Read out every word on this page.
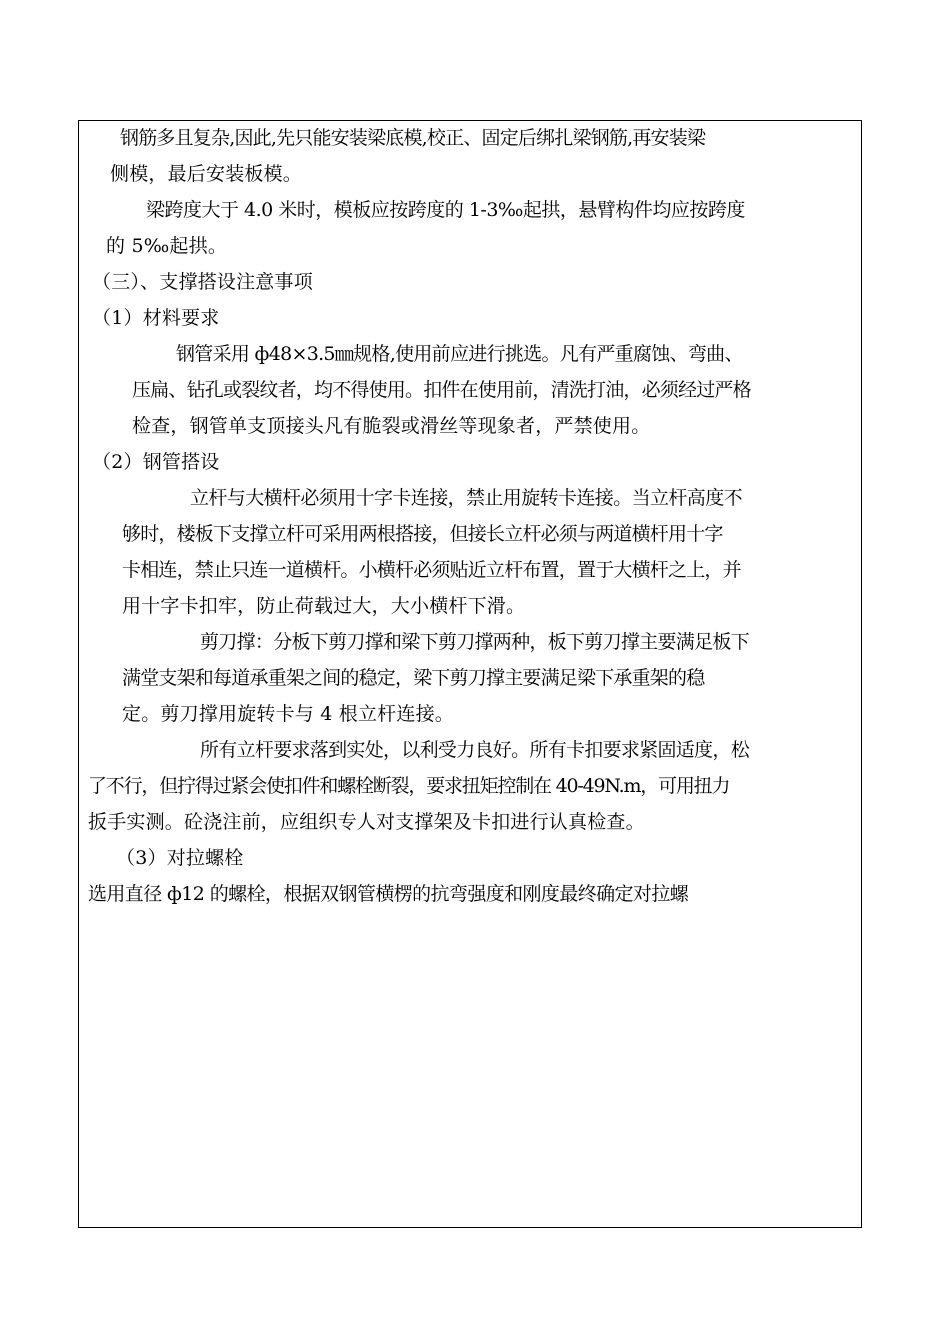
钢筋多且复杂,因此,先只能安装梁底模,校正、固定后绑扎梁钢筋,再安装梁
侧模，最后安装板模。
梁跨度大于 4.0 米时，模板应按跨度的 1-3‰起拱，悬臂构件均应按跨度
的 5‰起拱。
（三）、支撑搭设注意事项
（1）材料要求
钢管采用 ф48×3.5㎜规格,使用前应进行挑选。凡有严重腐蚀、弯曲、
压扁、钻孔或裂纹者，均不得使用。扣件在使用前，清洗打油，必须经过严格
检查，钢管单支顶接头凡有脆裂或滑丝等现象者，严禁使用。
（2）钢管搭设
立杆与大横杆必须用十字卡连接，禁止用旋转卡连接。当立杆高度不
够时，楼板下支撑立杆可采用两根搭接，但接长立杆必须与两道横杆用十字
卡相连，禁止只连一道横杆。小横杆必须贴近立杆布置，置于大横杆之上，并
用十字卡扣牢，防止荷载过大，大小横杆下滑。
剪刀撑：分板下剪刀撑和梁下剪刀撑两种，板下剪刀撑主要满足板下
满堂支架和每道承重架之间的稳定，梁下剪刀撑主要满足梁下承重架的稳
定。剪刀撑用旋转卡与 4 根立杆连接。
所有立杆要求落到实处，以利受力良好。所有卡扣要求紧固适度，松
了不行，但拧得过紧会使扣件和螺栓断裂，要求扭矩控制在 40-49N.m，可用扭力
扳手实测。砼浇注前，应组织专人对支撑架及卡扣进行认真检查。
（3）对拉螺栓
选用直径 ф12 的螺栓，根据双钢管横楞的抗弯强度和刚度最终确定对拉螺
